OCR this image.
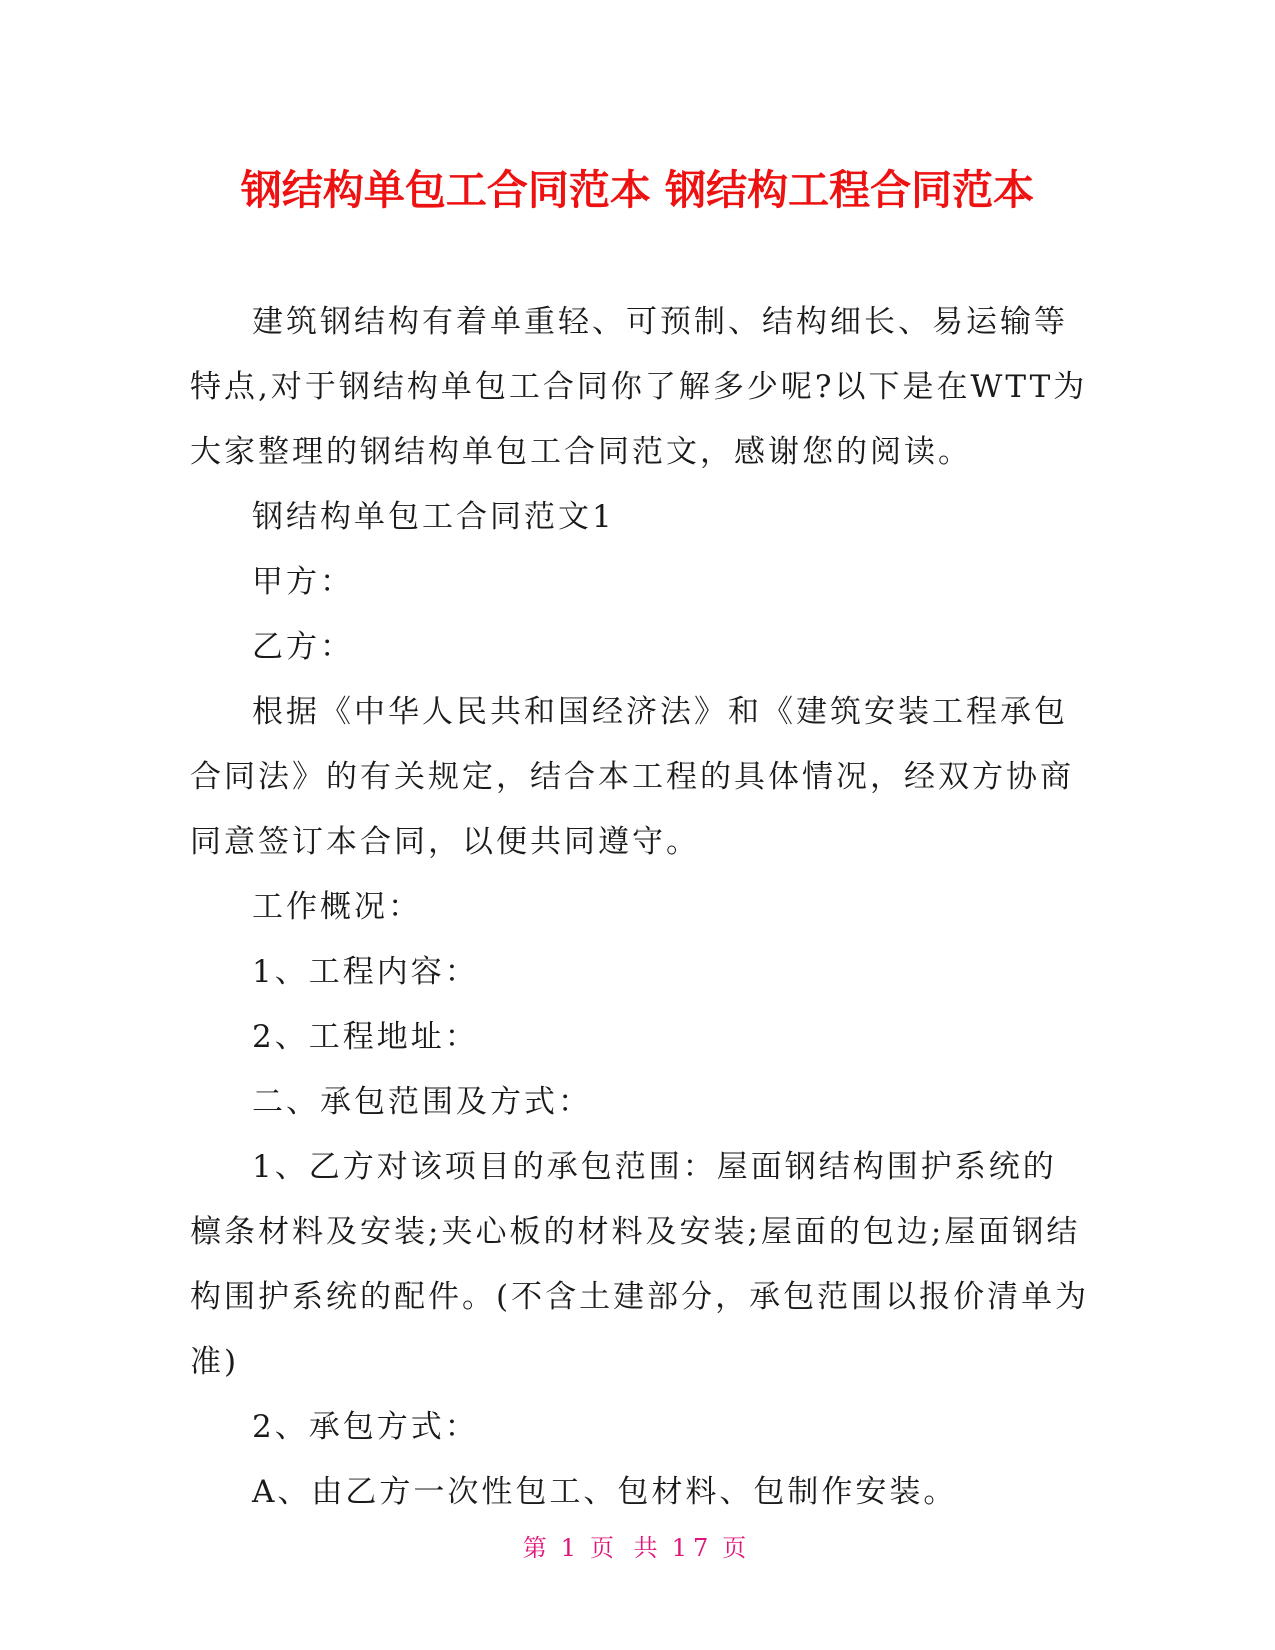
钢结构单包工合同范本 钢结构工程合同范本

建筑钢结构有着单重轻、可预制、结构细长、易运输等特点,对于钢结构单包工合同你了解多少呢?以下是在WTT为大家整理的钢结构单包工合同范文，感谢您的阅读。

钢结构单包工合同范文1

甲方：

乙方：

根据《中华人民共和国经济法》和《建筑安装工程承包合同法》的有关规定，结合本工程的具体情况，经双方协商同意签订本合同，以便共同遵守。

工作概况：

1、工程内容：

2、工程地址：

二、承包范围及方式：

1、乙方对该项目的承包范围：屋面钢结构围护系统的檩条材料及安装;夹心板的材料及安装;屋面的包边;屋面钢结构围护系统的配件。(不含土建部分，承包范围以报价清单为准)

2、承包方式：

A、由乙方一次性包工、包材料、包制作安装。

第 1 页 共 17 页
